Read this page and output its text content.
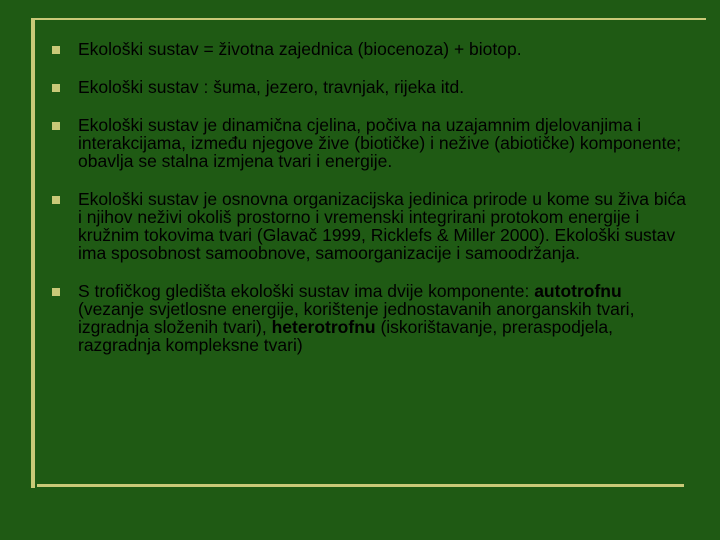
Ekološki sustav = životna zajednica (biocenoza) + biotop.
Ekološki sustav : šuma, jezero, travnjak, rijeka itd.
Ekološki sustav je dinamična cjelina, počiva na uzajamnim djelovanjima i interakcijama, između njegove žive (biotičke) i nežive (abiotičke) komponente; obavlja se stalna izmjena tvari i energije.
Ekološki sustav je osnovna organizacijska jedinica prirode u kome su živa bića i njihov neživi okoliš prostorno i vremenski integrirani protokom energije i kružnim tokovima tvari (Glavač 1999, Ricklefs & Miller 2000). Ekološki sustav ima sposobnost samoobnove, samoorganizacije i samoodržanja.
S trofičkog gledišta ekološki sustav ima dvije komponente: autotrofnu (vezanje svjetlosne energije, korištenje jednostavanih anorganskih tvari, izgradnja složenih tvari), heterotrofnu (iskorištavanje, preraspodjela, razgradnja kompleksne tvari)
